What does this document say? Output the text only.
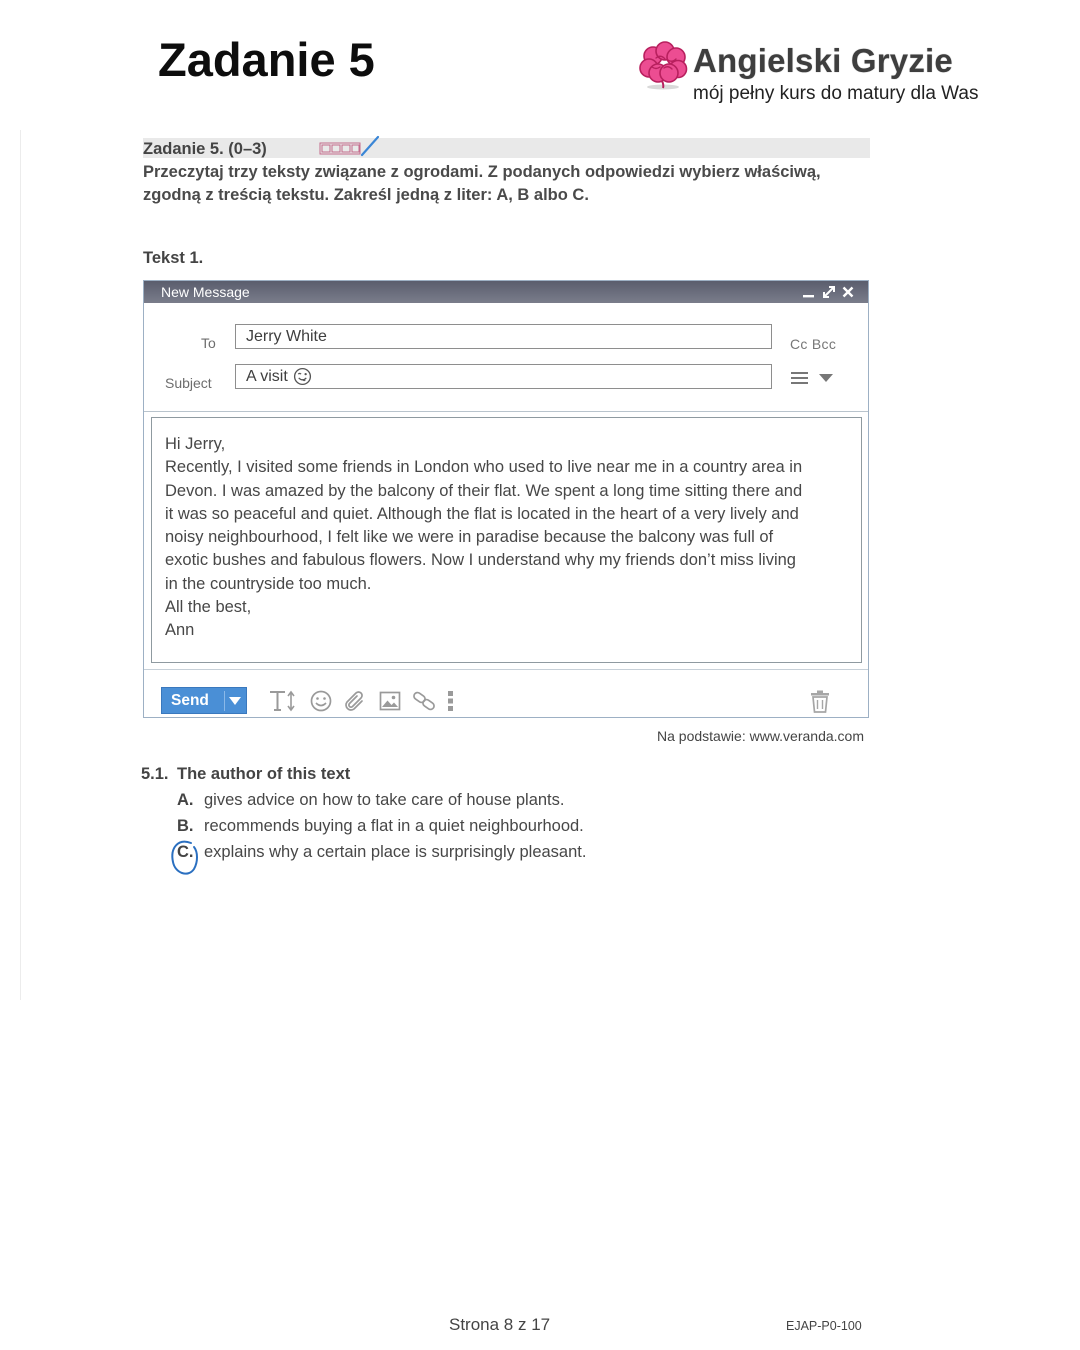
Zadanie 5	Angielski Gryzie
mój pełny kurs do matury dla Was
Zadanie 5. (0–3)
Przeczytaj trzy teksty związane z ogrodami. Z podanych odpowiedzi wybierz właściwą,
zgodną z treścią tekstu. Zakreśl jedną z liter: A, B albo C.
Tekst 1.
New Message
To Jerry White	Cc Bcc
Subject A visit
Hi Jerry,
Recently, I visited some friends in London who used to live near me in a country area in
Devon. I was amazed by the balcony of their flat. We spent a long time sitting there and
it was so peaceful and quiet. Although the flat is located in the heart of a very lively and
noisy neighbourhood, I felt like we were in paradise because the balcony was full of
exotic bushes and fabulous flowers. Now I understand why my friends don’t miss living
in the countryside too much.
All the best,
Ann
Send
Na podstawie: www.veranda.com
5.1. The author of this text
A. gives advice on how to take care of house plants.
B. recommends buying a flat in a quiet neighbourhood.
C. explains why a certain place is surprisingly pleasant.
Strona 8 z 17	EJAP-P0-100
